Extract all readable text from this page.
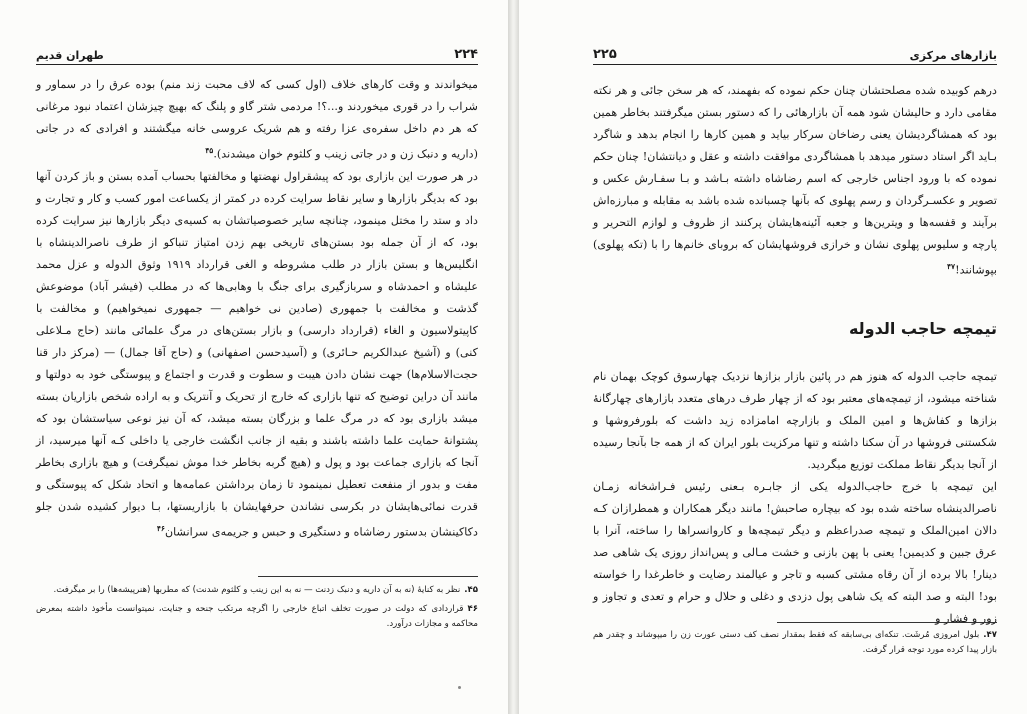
۲۲۴
طهران قدیم

میخواندند و وقت کارهای خلاف (اول کسی که لاف محبت زند منم) بوده عرق را در سماور و شراب را در قوری میخوردند و...؟! مردمی شتر گاو و پلنگ که بهیچ چیزشان اعتماد نبود مرغانی که هر دم داخل سفره‌ی عزا رفته و هم شریک عروسی خانه میگشتند و افرادی که در جاتی (داریه و دنبک زن و در جاتی زینب و کلثوم خوان میشدند).$^{۴۵}$

در هر صورت این بازاری بود که پیشقراول نهضتها و مخالفتها بحساب آمده بستن و باز کردن آنها بود که بدیگر بازارها و سایر نقاط سرایت کرده در کمتر از یکساعت امور کسب و کار و تجارت و داد و ستد را مختل مینمود، چنانچه سایر خصوصیاتشان به کسیه‌ی دیگر بازارها نیز سرایت کرده بود، که از آن جمله بود بستن‌های تاریخی بهم زدن امتیاز تنباکو از طرف ناصرالدینشاه با انگلیس‌ها و بستن بازار در طلب مشروطه و الغی قرارداد ۱۹۱۹ وثوق الدوله و عزل محمد علیشاه و احمدشاه و سربازگیری برای جنگ با وهابی‌ها که در مطلب (فیشر آباد) موضوعش گذشت و مخالفت با جمهوری (صادین نی خواهیم — جمهوری نمیخواهیم) و مخالفت با کاپیتولاسیون و الغاء (قرارداد دارسی) و بازار بستن‌های در مرگ علمائی مانند (حاج مـلاعلی کنی) و (آشیخ عبدالکریم حـائری) و (آسیدحسن اصفهانی) و (حاج آقا جمال) — (مرکز دار قنا حجت‌الاسلام‌ها) جهت نشان دادن هیبت و سطوت و قدرت و اجتماع و پیوستگی خود به دولتها و مانند آن دراین توضیح که تنها بازاری که خارج از تحریک و آنتریک و به اراده شخص بازاریان بسته میشد بازاری بود که در مرگ علما و بزرگان بسته میشد، که آن نیز نوعی سیاستشان بود که پشتوانهٔ حمایت علما داشته باشند و بقیه از جانب انگشت خارجی یا داخلی کـه آنها میرسید، از آنجا که بازاری جماعت بود و پول و (هیچ گربه بخاطر خدا موش نمیگرفت) و هیچ بازاری بخاطر مفت و بدور از منفعت تعطیل نمینمود تا زمان برداشتن عمامه‌ها و اتحاد شکل که پیوستگی و قدرت نمائی‌هایشان در بکرسی نشاندن حرفهایشان با بازاریستها، بـا دیوار کشیده شدن جلو دکاکینشان بدستور رضاشاه و دستگیری و حبس و جریمه‌ی سرانشان$^{۴۶}$

۴۵.نظر به کنایهٔ (نه به آن داریه و دنبک زدنت — نه به این زینب و کلثوم شدنت) که مطربها (هنرپیشه‌ها) را بر میگرفت.

۴۶قراردادی که دولت در صورت تخلف اتباع خارجی را اگرچه مرتکب جنحه و جنایت، نمیتوانست مأخوذ داشته بمعرض محاکمه و مجازات درآورد.

بازارهای مرکزی
۲۲۵

درهم کوبیده شده مصلحتشان چنان حکم نموده که بفهمند، که هر سخن جائی و هر نکته مقامی دارد و حالیشان شود همه آن بازارهائی را که دستور بستن میگرفتند بخاطر همین بود که همشاگردیشان یعنی رضاخان سرکار بیاید و همین کارها را انجام بدهد و شاگرد بـاید اگر استاد دستور میدهد با همشاگردی موافقت داشته و عقل و دیانتشان! چنان حکم نموده که با ورود اجناس خارجی که اسم رضاشاه داشته بـاشد و بـا سفـارش عکس و تصویر و عکسـرگردان و رسم پهلوی که بآنها چسبانده شده باشد به مقابله و مبارزه‌اش برآیند و قفسه‌ها و ویترین‌ها و جعبه آئینه‌هایشان پرکنند از ظروف و لوازم التحریر و پارچه و سلیوس پهلوی نشان و خرازی فروشهایشان که بروبای خانم‌ها را با (تکه پهلوی) بپوشانند!$^{۴۷}$

تیمچه حاجب الدوله

تیمچه حاجب الدوله که هنوز هم در پائین بازار بزازها نزدیک چهارسوق کوچک بهمان نام شناخته میشود، از تیمچه‌های معتبر بود که از چهار طرف درهای متعدد بازارهای چهارگانهٔ بزازها و کفاش‌ها و امین الملک و بازارچه امامزاده زید داشت که بلورفروشها و شکستنی فروشها در آن سکنا داشته و تنها مرکزیت بلور ایران که از همه جا بآنجا رسیده از آنجا بدیگر نقاط مملکت توزیع میگردید.

این تیمچه با خرج حاجب‌الدوله یکی از جابـره‌ بـعنی رئیس فـراشخانه زمـان ناصرالدینشاه ساخته شده بود که بیچاره صاحبش! مانند دیگر همکاران و همطرازان کـه دالان امین‌الملک و تیمچه صدراعظم و دیگر تیمچه‌ها و کاروانسراها را ساخته، آنرا با عرق جبین و کدیمین! یعنی با پهن بازنی و خشت مـالی و پس‌انداز روزی یک شاهی صد دینار! بالا برده از آن رقاه مشتی کسبه و تاجر و عیالمند رضایت و خاطرغدا را خواسته بود! البته و صد البته که یک شاهی پول دزدی و دغلی و حلال و حرام و تعدی و تجاوز و زور و فشار و

۴۷.بلول امروزی مُرشَت. تنکه‌ای بی‌سابقه‌ که فقط بمقدار نصف کف دستی عورت زن را میپوشاند و چقدر هم بازار پیدا کرده مورد توجه قرار گرفت.
